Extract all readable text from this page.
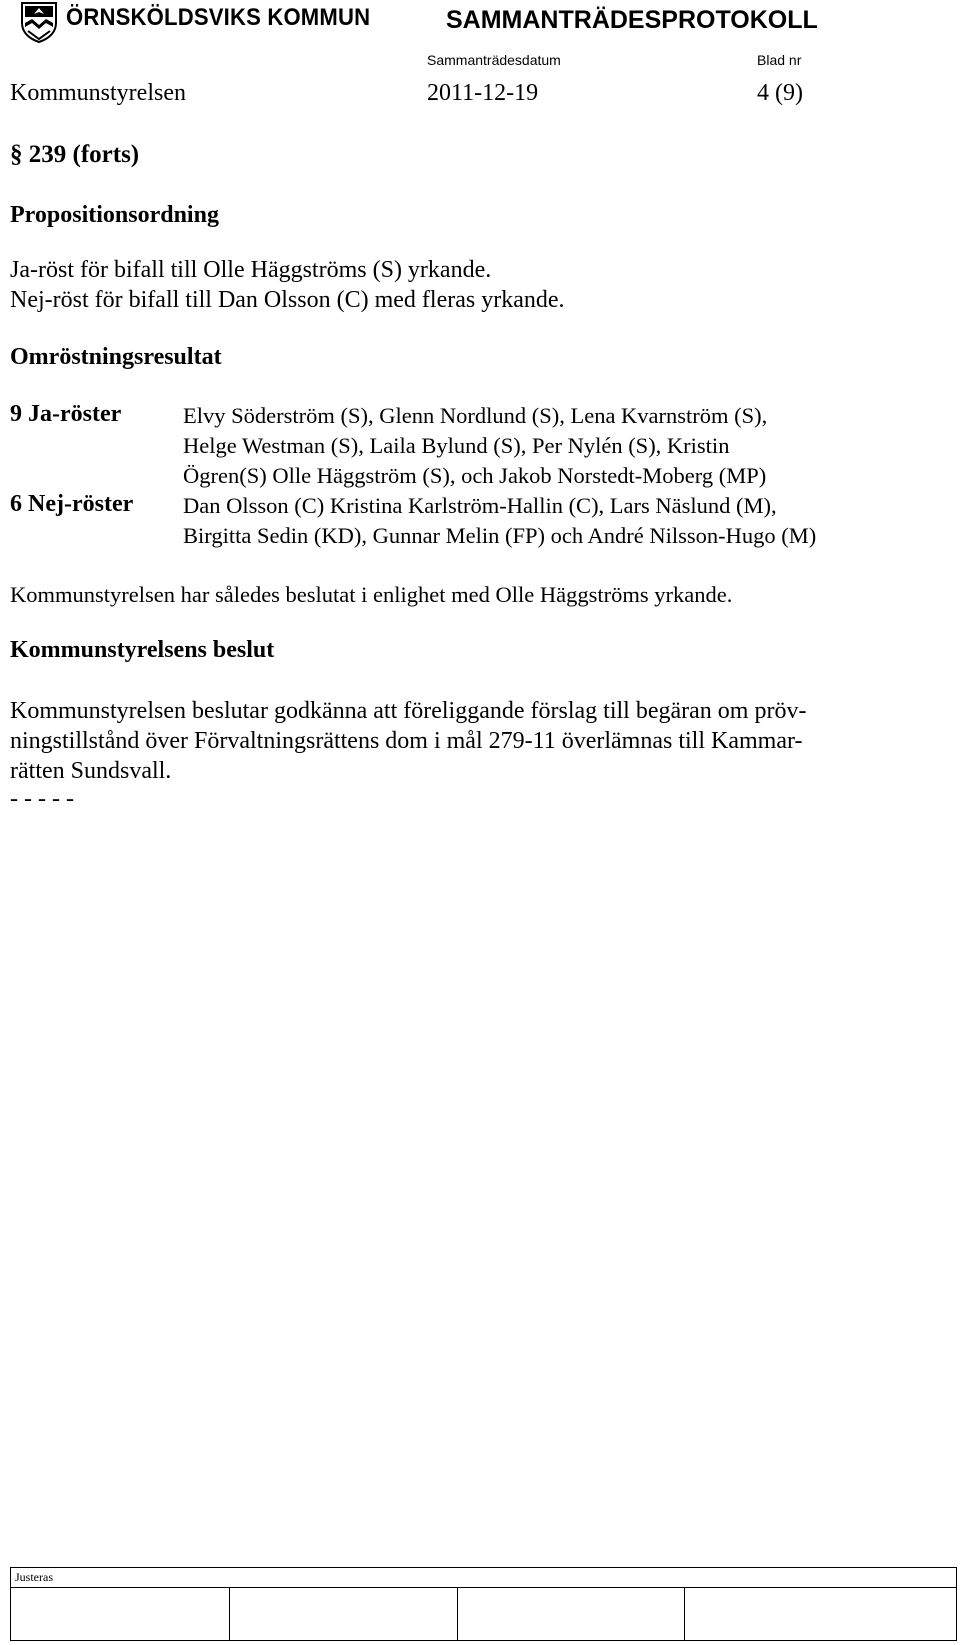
ÖRNSKÖLDSVIKS KOMMUN	SAMMANTRÄDESPROTOKOLL
Sammanträdesdatum	Blad nr
Kommunstyrelsen	2011-12-19	4 (9)
§ 239 (forts)
Propositionsordning
Ja-röst för bifall till Olle Häggströms (S) yrkande.
Nej-röst för bifall till Dan Olsson (C) med fleras yrkande.
Omröstningsresultat
9 Ja-röster	Elvy Söderström (S), Glenn Nordlund (S), Lena Kvarnström (S),
Helge Westman (S), Laila Bylund (S), Per Nylén (S), Kristin
Ögren(S) Olle Häggström (S), och Jakob Norstedt-Moberg (MP)
6 Nej-röster Dan Olsson (C) Kristina Karlström-Hallin (C), Lars Näslund (M),
Birgitta Sedin (KD), Gunnar Melin (FP) och André Nilsson-Hugo (M)
Kommunstyrelsen har således beslutat i enlighet med Olle Häggströms yrkande.
Kommunstyrelsens beslut
Kommunstyrelsen beslutar godkänna att föreliggande förslag till begäran om pröv-
ningstillstånd över Förvaltningsrättens dom i mål 279-11 överlämnas till Kammar-
rätten Sundsvall.
- - - - -
Justeras
